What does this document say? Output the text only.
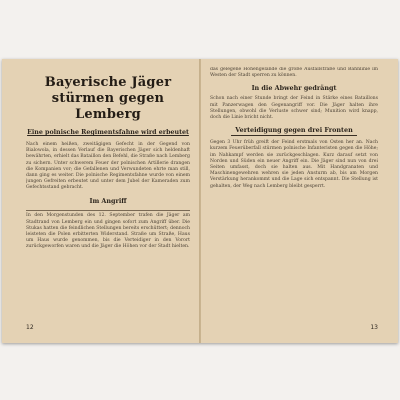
Bayerische Jäger
stürmen gegen Lemberg
Eine polnische Regimentsfahne wird erbeutet

Nach einem heißen, zweitägigen Gefecht in der Gegend von Bialowola, in dessen Verlauf die Bayerischen Jäger sich heldenhaft bewährten, erhielt das Bataillon den Befehl, die Straße nach Lemberg zu sichern. Unter schwerem Feuer der polnischen Artillerie drangen die Kompanien vor; die Gefallenen und Verwundeten ehrte man still, dann ging es weiter. Die polnische Regimentsfahne wurde von einem jungen Gefreiten erbeutet und unter dem Jubel der Kameraden zum Gefechtsstand gebracht.

Im Angriff

In den Morgenstunden des 12. September trafen die Jäger am Stadtrand von Lemberg ein und gingen sofort zum Angriff über. Die Stukas hatten die feindlichen Stellungen bereits erschüttert; dennoch leisteten die Polen erbitterten Widerstand. Straße um Straße, Haus um Haus wurde genommen, bis die Verteidiger in den Vorort zurückgeworfen waren und die Jäger die Höhen vor der Stadt hielten.

12

das gelegene Höhengelände die große Ausfallstraße und Bahnlinie im Westen der Stadt sperren zu können.

In die Abwehr gedrängt

Schon nach einer Stunde bringt der Feind in Stärke eines Bataillons mit Panzerwagen den Gegenangriff vor. Die Jäger halten ihre Stellungen, obwohl die Verluste schwer sind; Munition wird knapp, doch die Linie bricht nicht.

Verteidigung gegen drei Fronten

Gegen 3 Uhr früh greift der Feind erstmals von Osten her an. Nach kurzem Feuerüberfall stürmen polnische Infanteristen gegen die Höhe; im Nahkampf werden sie zurückgeschlagen. Kurz darauf setzt von Norden und Süden ein neuer Angriff ein. Die Jäger sind nun von drei Seiten umfasst, doch sie halten aus. Mit Handgranaten und Maschinengewehren wehren sie jeden Ansturm ab, bis am Morgen Verstärkung herankommt und die Lage sich entspannt. Die Stellung ist gehalten, der Weg nach Lemberg bleibt gesperrt.

13
